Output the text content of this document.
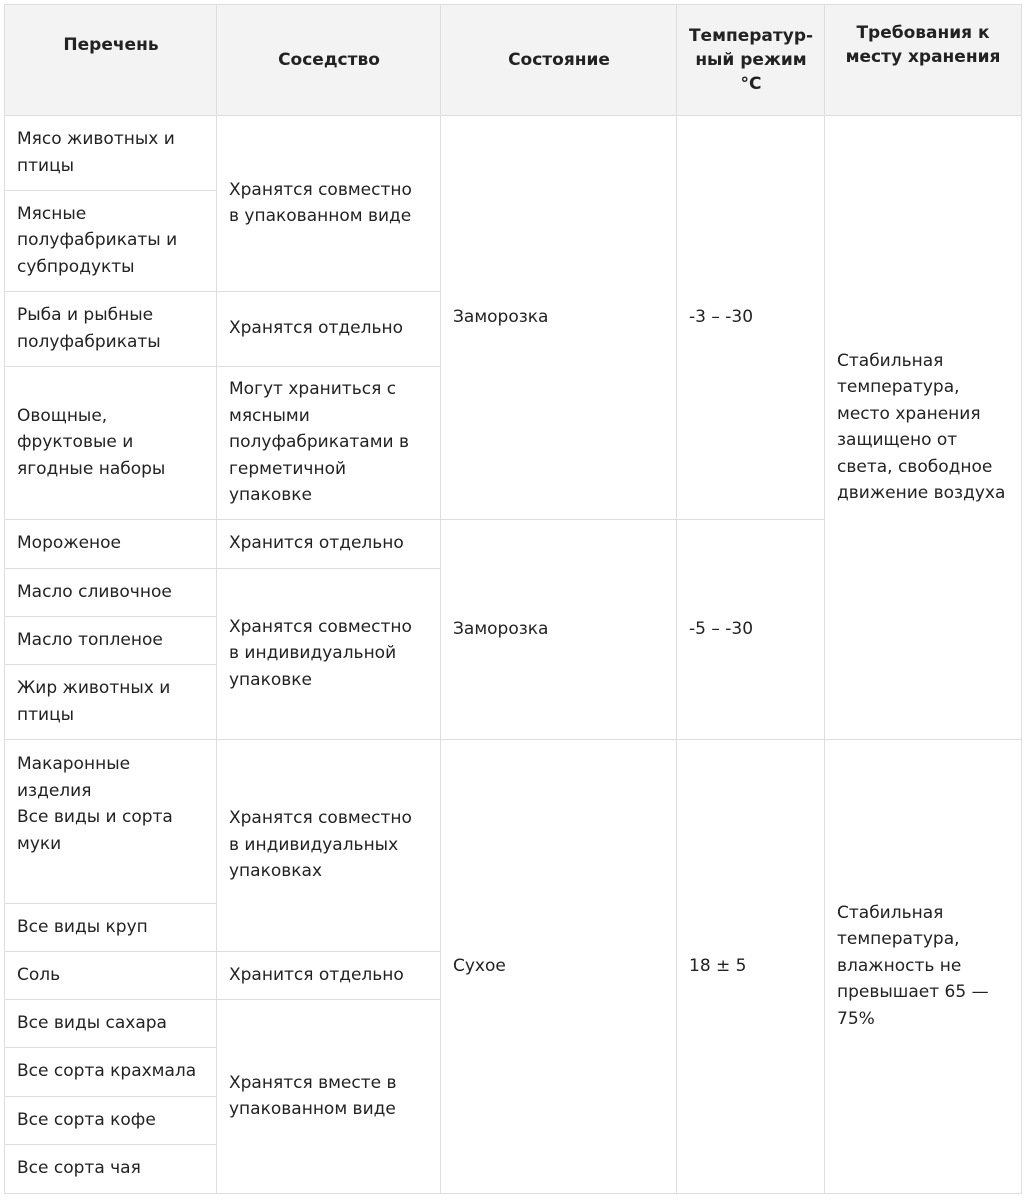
Перечень
Соседство	Состояние
Температур-
ный режим
°С
Требования к
месту хранения
Мясо животных и
птицы
Мясные
полуфабрикаты и
субпродукты
Рыба и рыбные
полуфабрикаты
Овощные,
фруктовые и
ягодные наборы
Мороженое
Масло сливочное
Масло топленое
Жир животных и
птицы
Макаронные
изделия
Все виды и сорта
муки
Все виды круп
Соль
Все виды сахара
Все сорта крахмала
Все сорта кофе
Все сорта чая
Хранятся совместно
в упакованном виде
Хранятся отдельно
Могут храниться с
мясными
полуфабрикатами в
герметичной
упаковке
Хранится отдельно
Хранятся совместно
в индивидуальной
упаковке
Хранятся совместно
в индивидуальных
упаковках
Хранится отдельно
Хранятся вместе в
упакованном виде
Заморозка
Заморозка
Сухое
-3 – -30
-5 – -30
18 ± 5
Стабильная
температура,
место хранения
защищено от
света, свободное
движение воздуха
Стабильная
температура,
влажность не
превышает 65 —
75%
